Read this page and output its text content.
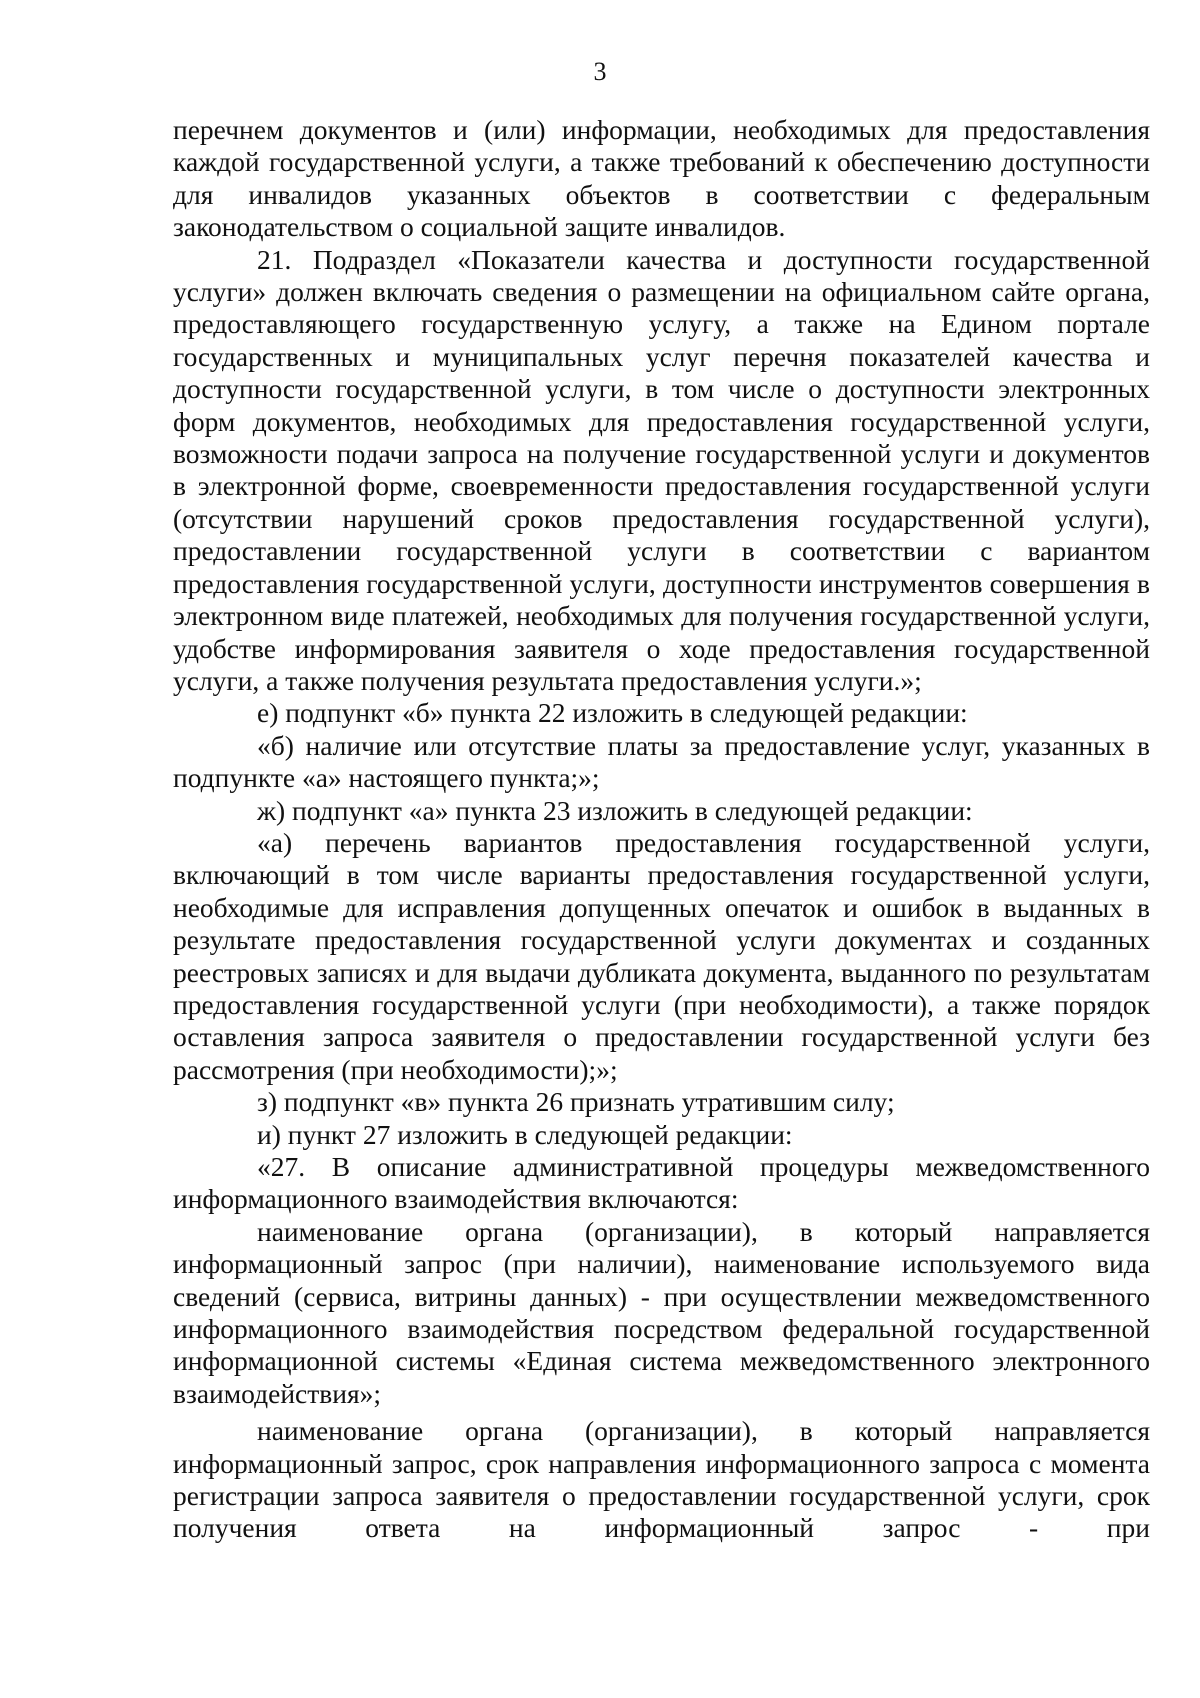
3

перечнем документов и (или) информации, необходимых для предоставления каждой государственной услуги, а также требований к обеспечению доступности для инвалидов указанных объектов в соответствии с федеральным законодательством о социальной защите инвалидов.

21. Подраздел «Показатели качества и доступности государственной услуги» должен включать сведения о размещении на официальном сайте органа, предоставляющего государственную услугу, а также на Едином портале государственных и муниципальных услуг перечня показателей качества и доступности государственной услуги, в том числе о доступности электронных форм документов, необходимых для предоставления государственной услуги, возможности подачи запроса на получение государственной услуги и документов в электронной форме, своевременности предоставления государственной услуги (отсутствии нарушений сроков предоставления государственной услуги), предоставлении государственной услуги в соответствии с вариантом предоставления государственной услуги, доступности инструментов совершения в электронном виде платежей, необходимых для получения государственной услуги, удобстве информирования заявителя о ходе предоставления государственной услуги, а также получения результата предоставления услуги.»;

е) подпункт «б» пункта 22 изложить в следующей редакции:

«б) наличие или отсутствие платы за предоставление услуг, указанных в подпункте «а» настоящего пункта;»;

ж) подпункт «а» пункта 23 изложить в следующей редакции:

«а) перечень вариантов предоставления государственной услуги, включающий в том числе варианты предоставления государственной услуги, необходимые для исправления допущенных опечаток и ошибок в выданных в результате предоставления государственной услуги документах и созданных реестровых записях и для выдачи дубликата документа, выданного по результатам предоставления государственной услуги (при необходимости), а также порядок оставления запроса заявителя о предоставлении государственной услуги без рассмотрения (при необходимости);»;

з) подпункт «в» пункта 26 признать утратившим силу;

и) пункт 27 изложить в следующей редакции:

«27. В описание административной процедуры межведомственного информационного взаимодействия включаются:

наименование органа (организации), в который направляется информационный запрос (при наличии), наименование используемого вида сведений (сервиса, витрины данных) - при осуществлении межведомственного информационного взаимодействия посредством федеральной государственной информационной системы «Единая система межведомственного электронного взаимодействия»;

наименование органа (организации), в который направляется информационный запрос, срок направления информационного запроса с момента регистрации запроса заявителя о предоставлении государственной услуги, срок получения ответа на информационный запрос - при
